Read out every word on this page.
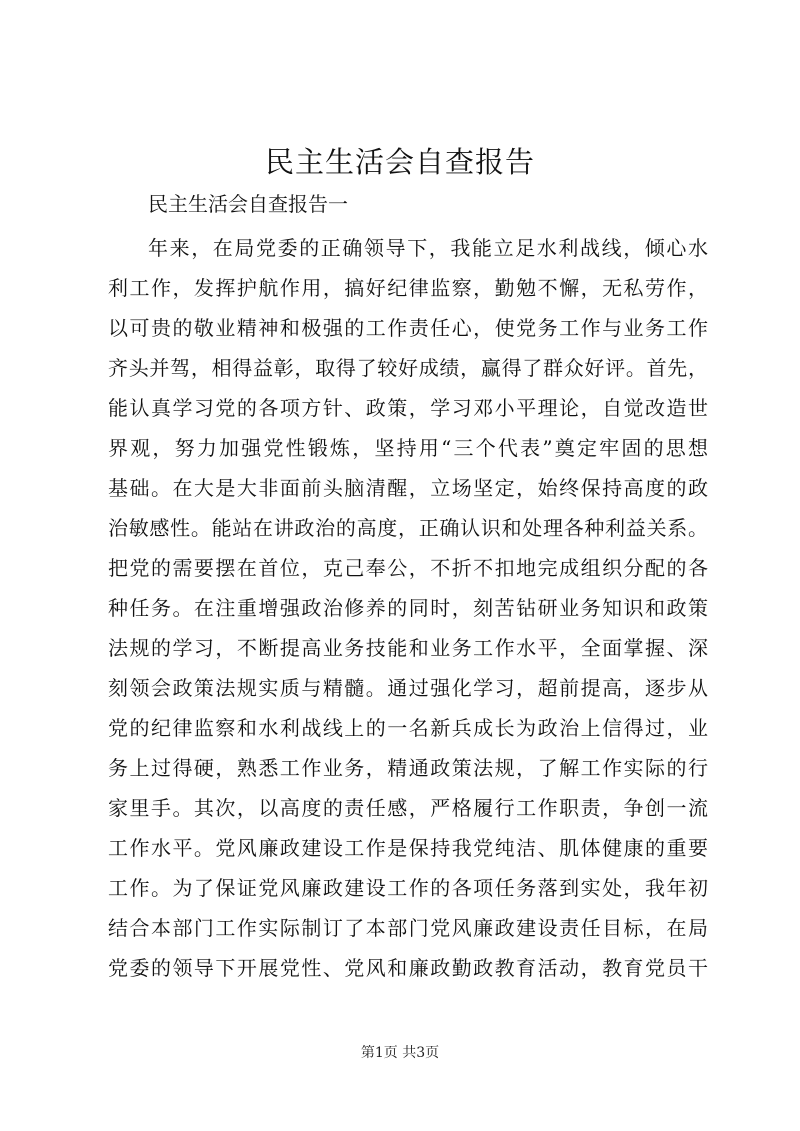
民主生活会自查报告
民主生活会自查报告一
年来，在局党委的正确领导下，我能立足水利战线，倾心水
利工作，发挥护航作用，搞好纪律监察，勤勉不懈，无私劳作，
以可贵的敬业精神和极强的工作责任心，使党务工作与业务工作
齐头并驾，相得益彰，取得了较好成绩，赢得了群众好评。首先，
能认真学习党的各项方针、政策，学习邓小平理论，自觉改造世
界观，努力加强党性锻炼，坚持用“三个代表”奠定牢固的思想
基础。在大是大非面前头脑清醒，立场坚定，始终保持高度的政
治敏感性。能站在讲政治的高度，正确认识和处理各种利益关系。
把党的需要摆在首位，克己奉公，不折不扣地完成组织分配的各
种任务。在注重增强政治修养的同时，刻苦钻研业务知识和政策
法规的学习，不断提高业务技能和业务工作水平，全面掌握、深
刻领会政策法规实质与精髓。通过强化学习，超前提高，逐步从
党的纪律监察和水利战线上的一名新兵成长为政治上信得过，业
务上过得硬，熟悉工作业务，精通政策法规，了解工作实际的行
家里手。其次，以高度的责任感，严格履行工作职责，争创一流
工作水平。党风廉政建设工作是保持我党纯洁、肌体健康的重要
工作。为了保证党风廉政建设工作的各项任务落到实处，我年初
结合本部门工作实际制订了本部门党风廉政建设责任目标，在局
党委的领导下开展党性、党风和廉政勤政教育活动，教育党员干
第1页 共3页
